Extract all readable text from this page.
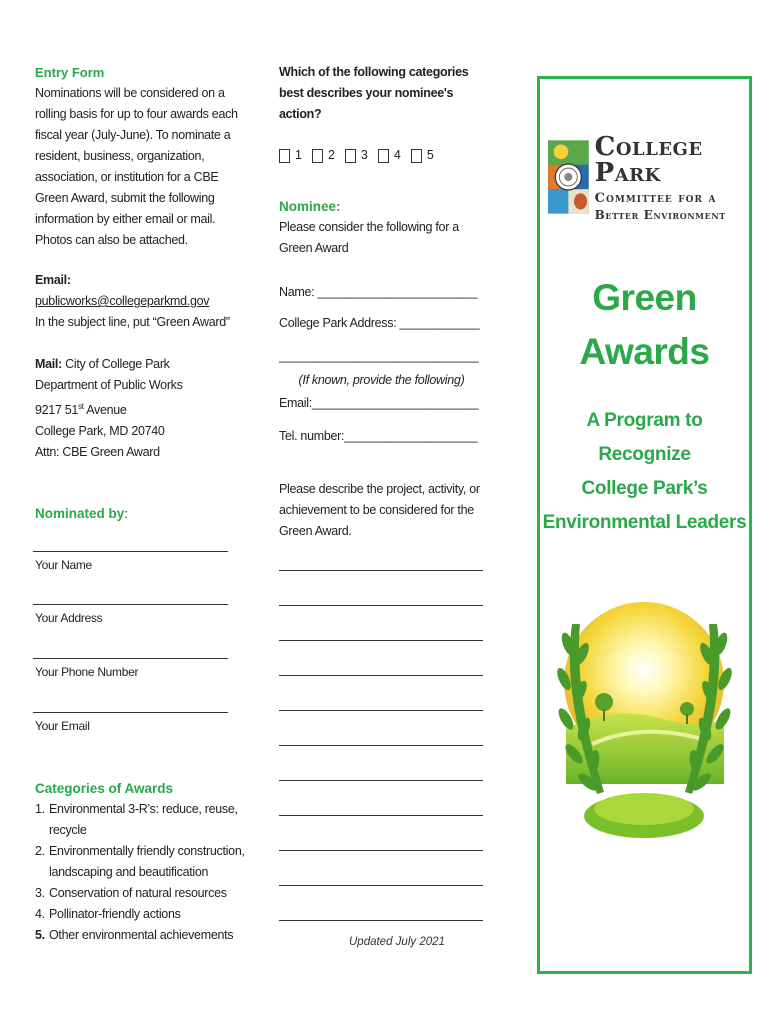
Entry Form
Nominations will be considered on a rolling basis for up to four awards each fiscal year (July-June). To nominate a resident, business, organization, association, or institution for a CBE Green Award, submit the following information by either email or mail. Photos can also be attached.
Email: publicworks@collegeparkmd.gov
In the subject line, put “Green Award”
Mail: City of College Park
Department of Public Works
9217 51st Avenue
College Park, MD 20740
Attn: CBE Green Award
Nominated by:
Your Name
Your Address
Your Phone Number
Your Email
Categories of Awards
1. Environmental 3-R’s: reduce, reuse, recycle
2. Environmentally friendly construction, landscaping and beautification
3. Conservation of natural resources
4. Pollinator-friendly actions
5. Other environmental achievements
Which of the following categories best describes your nominee's action?
1 2 3 4 5
Nominee:
Please consider the following for a Green Award
Name: ________________________
College Park Address: ____________
______________________________
(If known, provide the following)
Email:_________________________
Tel. number:____________________
Please describe the project, activity, or achievement to be considered for the Green Award.
Updated July 2021
College Park
Committee for a
Better Environment
Green
Awards
A Program to Recognize
College Park’s
Environmental Leaders
